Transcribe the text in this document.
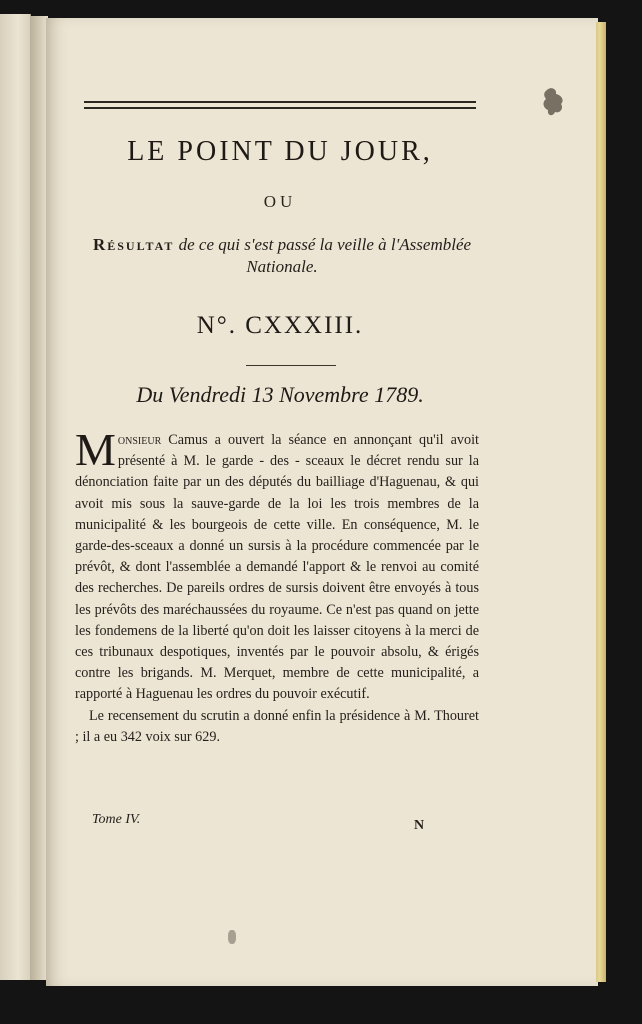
LE POINT DU JOUR,
OU
Résultat de ce qui s'est passé la veille à l'Assemblée Nationale.
N°. CXXXIII.
Du Vendredi 13 Novembre 1789.

Monsieur Camus a ouvert la séance en annonçant qu'il avoit présenté à M. le garde - des - sceaux le décret rendu sur la dénonciation faite par un des députés du bailliage d'Haguenau, & qui avoit mis sous la sauve-garde de la loi les trois membres de la municipalité & les bourgeois de cette ville. En conséquence, M. le garde-des-sceaux a donné un sursis à la procédure commencée par le prévôt, & dont l'assemblée a demandé l'apport & le renvoi au comité des recherches. De pareils ordres de sursis doivent être envoyés à tous les prévôts des maréchaussées du royaume. Ce n'est pas quand on jette les fondemens de la liberté qu'on doit les laisser citoyens à la merci de ces tribunaux despotiques, inventés par le pouvoir absolu, & érigés contre les brigands. M. Merquet, membre de cette municipalité, a rapporté à Haguenau les ordres du pouvoir exécutif.

Le recensement du scrutin a donné enfin la présidence à M. Thouret ; il a eu 342 voix sur 629.

Tome IV.	N
